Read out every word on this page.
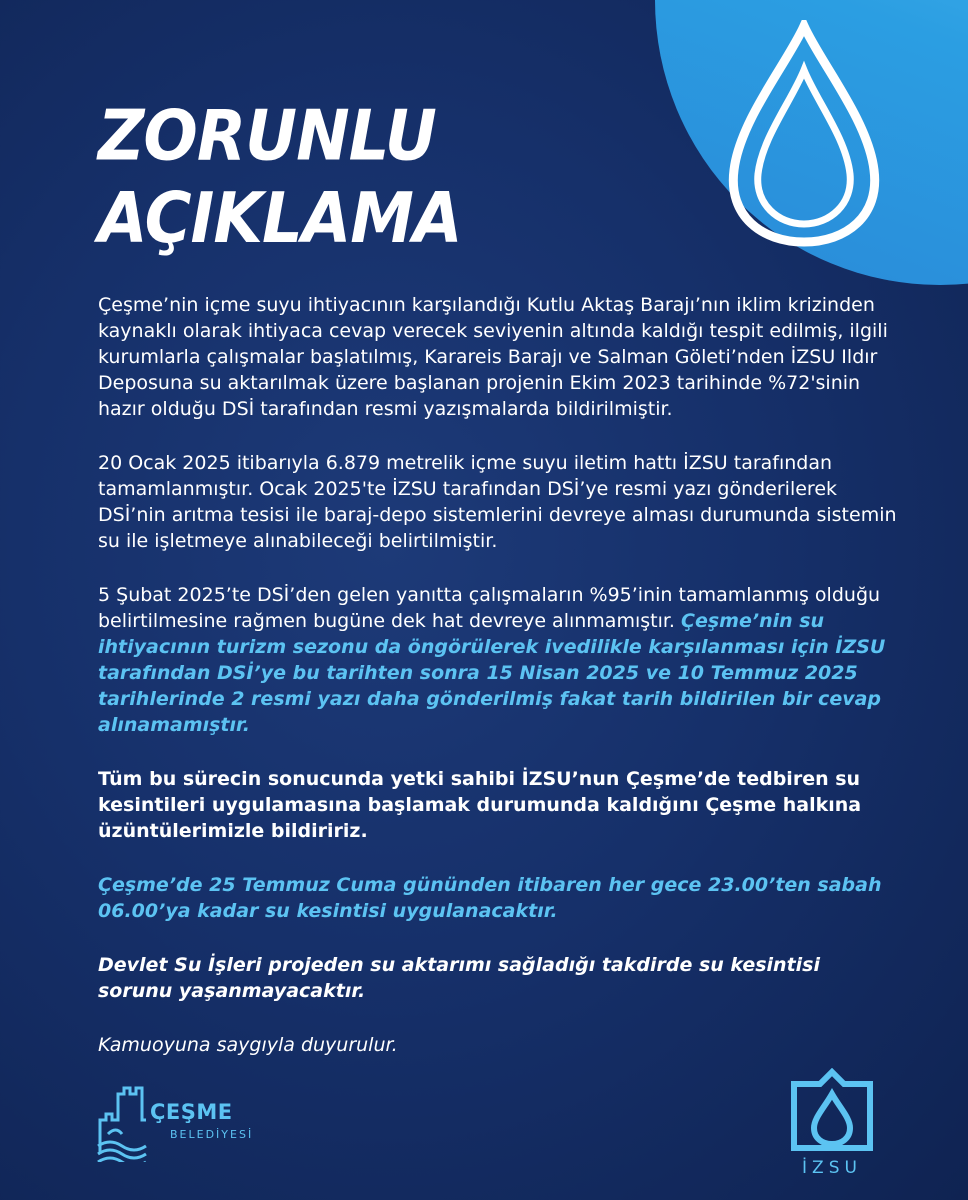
ZORUNLU
AÇIKLAMA

Çeşme’nin içme suyu ihtiyacının karşılandığı Kutlu Aktaş Barajı’nın iklim krizinden kaynaklı olarak ihtiyaca cevap verecek seviyenin altında kaldığı tespit edilmiş, ilgili kurumlarla çalışmalar başlatılmış, Karareis Barajı ve Salman Göleti’nden İZSU Ildır Deposuna su aktarılmak üzere başlanan projenin Ekim 2023 tarihinde %72'sinin hazır olduğu DSİ tarafından resmi yazışmalarda bildirilmiştir.

20 Ocak 2025 itibarıyla 6.879 metrelik içme suyu iletim hattı İZSU tarafından tamamlanmıştır. Ocak 2025'te İZSU tarafından DSİ’ye resmi yazı gönderilerek DSİ’nin arıtma tesisi ile baraj-depo sistemlerini devreye alması durumunda sistemin su ile işletmeye alınabileceği belirtilmiştir.

5 Şubat 2025’te DSİ’den gelen yanıtta çalışmaların %95’inin tamamlanmış olduğu belirtilmesine rağmen bugüne dek hat devreye alınmamıştır. Çeşme’nin su ihtiyacının turizm sezonu da öngörülerek ivedilikle karşılanması için İZSU tarafından DSİ’ye bu tarihten sonra 15 Nisan 2025 ve 10 Temmuz 2025 tarihlerinde 2 resmi yazı daha gönderilmiş fakat tarih bildirilen bir cevap alınamamıştır.

Tüm bu sürecin sonucunda yetki sahibi İZSU’nun Çeşme’de tedbiren su kesintileri uygulamasına başlamak durumunda kaldığını Çeşme halkına üzüntülerimizle bildiririz.

Çeşme’de 25 Temmuz Cuma gününden itibaren her gece 23.00’ten sabah 06.00’ya kadar su kesintisi uygulanacaktır.

Devlet Su İşleri projeden su aktarımı sağladığı takdirde su kesintisi sorunu yaşanmayacaktır.

Kamuoyuna saygıyla duyurulur.

ÇEŞME
BELEDİYESİ
İZSU
